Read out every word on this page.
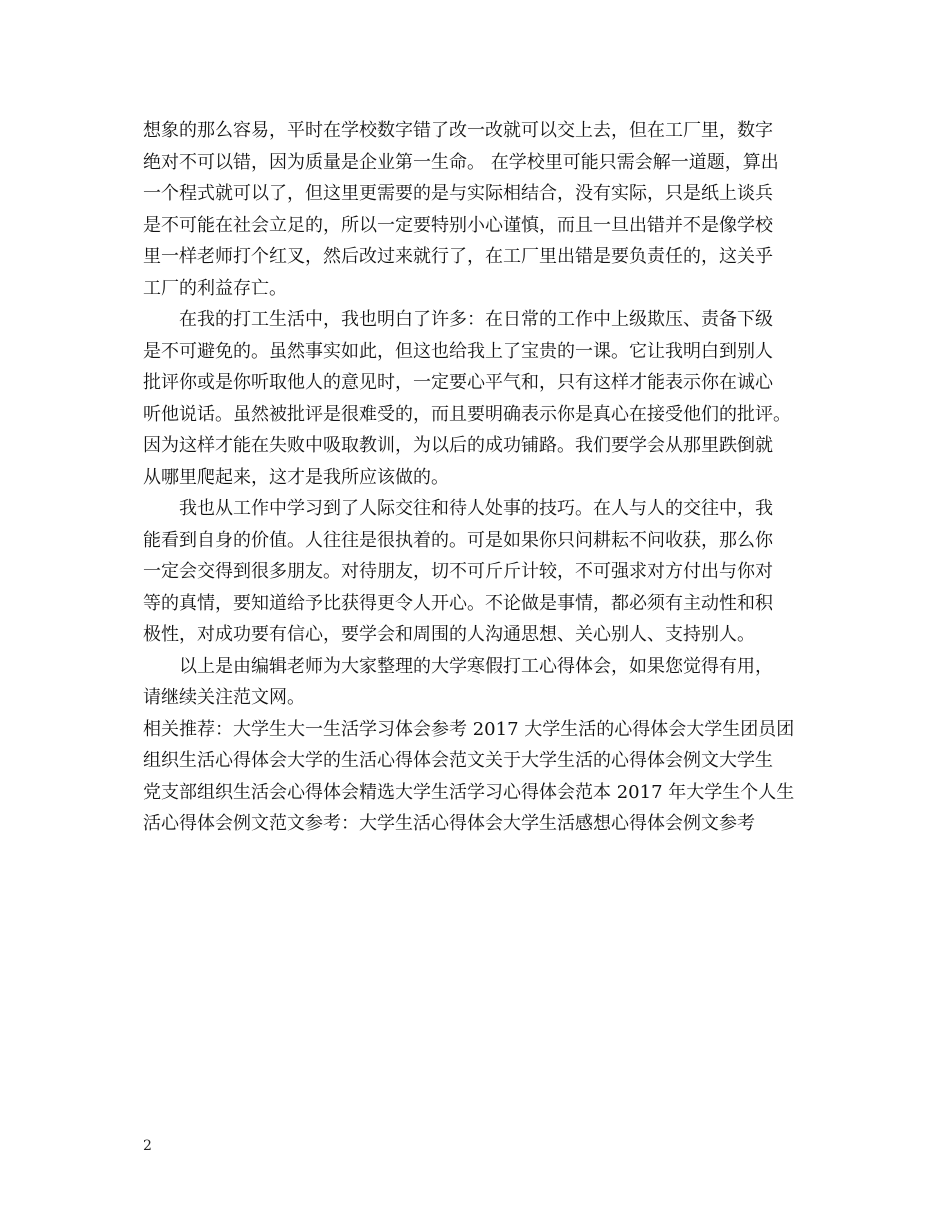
想象的那么容易，平时在学校数字错了改一改就可以交上去，但在工厂里，数字
绝对不可以错，因为质量是企业第一生命。 在学校里可能只需会解一道题，算出
一个程式就可以了，但这里更需要的是与实际相结合，没有实际，只是纸上谈兵
是不可能在社会立足的，所以一定要特别小心谨慎，而且一旦出错并不是像学校
里一样老师打个红叉，然后改过来就行了，在工厂里出错是要负责任的，这关乎
工厂的利益存亡。
　　在我的打工生活中，我也明白了许多：在日常的工作中上级欺压、责备下级
是不可避免的。虽然事实如此，但这也给我上了宝贵的一课。它让我明白到别人
批评你或是你听取他人的意见时，一定要心平气和，只有这样才能表示你在诚心
听他说话。虽然被批评是很难受的，而且要明确表示你是真心在接受他们的批评。
因为这样才能在失败中吸取教训，为以后的成功铺路。我们要学会从那里跌倒就
从哪里爬起来，这才是我所应该做的。
　　我也从工作中学习到了人际交往和待人处事的技巧。在人与人的交往中，我
能看到自身的价值。人往往是很执着的。可是如果你只问耕耘不问收获，那么你
一定会交得到很多朋友。对待朋友，切不可斤斤计较，不可强求对方付出与你对
等的真情，要知道给予比获得更令人开心。不论做是事情，都必须有主动性和积
极性，对成功要有信心，要学会和周围的人沟通思想、关心别人、支持别人。
　　以上是由编辑老师为大家整理的大学寒假打工心得体会，如果您觉得有用，
请继续关注范文网。
相关推荐：大学生大一生活学习体会参考 2017 大学生活的心得体会大学生团员团
组织生活心得体会大学的生活心得体会范文关于大学生活的心得体会例文大学生
党支部组织生活会心得体会精选大学生活学习心得体会范本 2017 年大学生个人生
活心得体会例文范文参考：大学生活心得体会大学生活感想心得体会例文参考
2
